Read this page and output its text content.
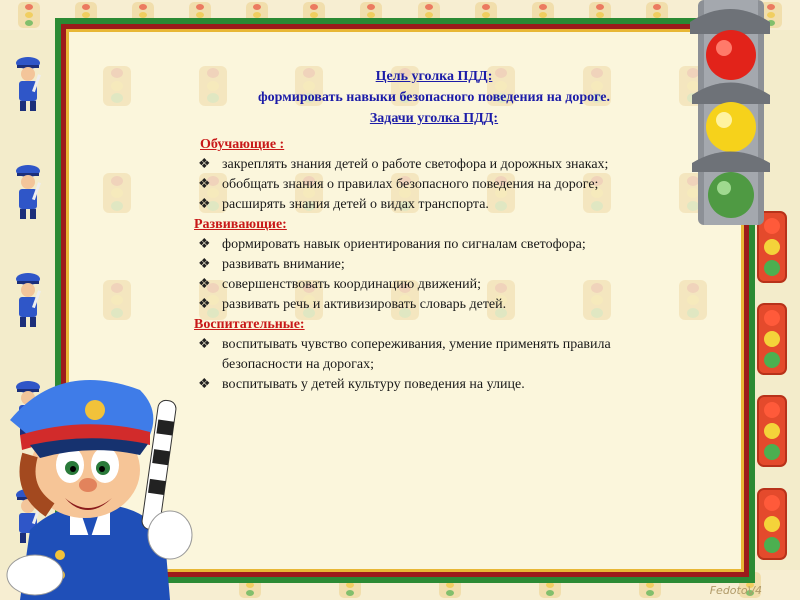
Цель уголка ПДД:
формировать навыки безопасного поведения на дороге.
Задачи уголка ПДД:
Обучающие :
❖ закреплять знания детей о работе светофора и дорожных знаках;
❖ обобщать знания о правилах безопасного поведения на дороге;
❖ расширять знания детей о видах транспорта.
Развивающие:
❖ формировать навык ориентирования по сигналам светофора;
❖ развивать внимание;
❖ совершенствовать координацию движений;
❖ развивать речь и активизировать словарь детей.
Воспитательные:
❖ воспитывать чувство сопереживания, умение применять правила безопасности на дорогах;
❖ воспитывать у детей культуру поведения на улице.
Fedoto\/4
